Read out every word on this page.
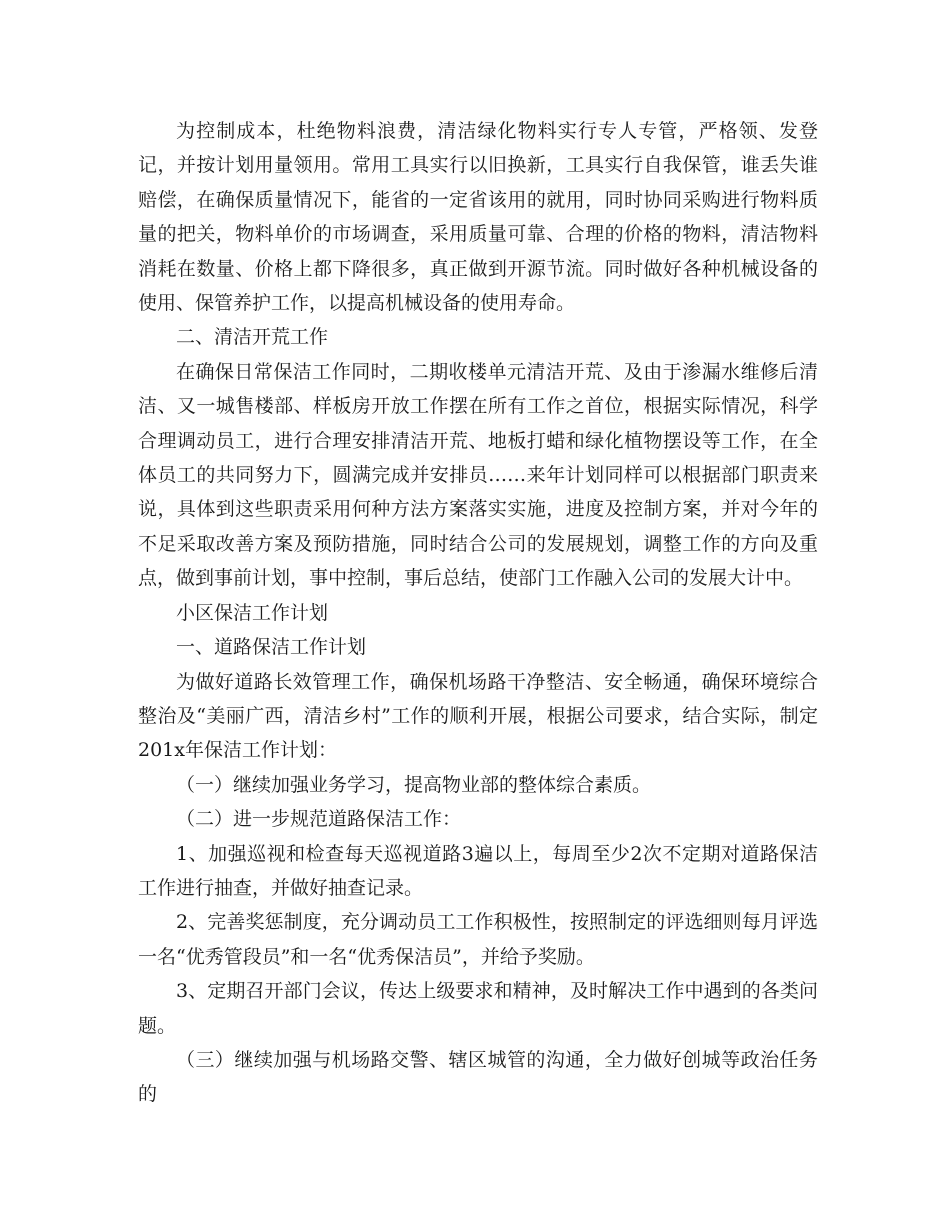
为控制成本，杜绝物料浪费，清洁绿化物料实行专人专管，严格领、发登记，并按计划用量领用。常用工具实行以旧换新，工具实行自我保管，谁丢失谁赔偿，在确保质量情况下，能省的一定省该用的就用，同时协同采购进行物料质量的把关，物料单价的市场调查，采用质量可靠、合理的价格的物料，清洁物料消耗在数量、价格上都下降很多，真正做到开源节流。同时做好各种机械设备的使用、保管养护工作，以提高机械设备的使用寿命。

二、清洁开荒工作

在确保日常保洁工作同时，二期收楼单元清洁开荒、及由于渗漏水维修后清洁、又一城售楼部、样板房开放工作摆在所有工作之首位，根据实际情况，科学合理调动员工，进行合理安排清洁开荒、地板打蜡和绿化植物摆设等工作，在全体员工的共同努力下，圆满完成并安排员……来年计划同样可以根据部门职责来说，具体到这些职责采用何种方法方案落实实施，进度及控制方案，并对今年的不足采取改善方案及预防措施，同时结合公司的发展规划，调整工作的方向及重点，做到事前计划，事中控制，事后总结，使部门工作融入公司的发展大计中。

小区保洁工作计划

一、道路保洁工作计划

为做好道路长效管理工作，确保机场路干净整洁、安全畅通，确保环境综合整治及“美丽广西，清洁乡村”工作的顺利开展，根据公司要求，结合实际，制定201x年保洁工作计划：

（一）继续加强业务学习，提高物业部的整体综合素质。

（二）进一步规范道路保洁工作：

1、加强巡视和检查每天巡视道路3遍以上，每周至少2次不定期对道路保洁工作进行抽查，并做好抽查记录。

2、完善奖惩制度，充分调动员工工作积极性，按照制定的评选细则每月评选一名“优秀管段员”和一名“优秀保洁员”，并给予奖励。

3、定期召开部门会议，传达上级要求和精神，及时解决工作中遇到的各类问题。

（三）继续加强与机场路交警、辖区城管的沟通，全力做好创城等政治任务的
